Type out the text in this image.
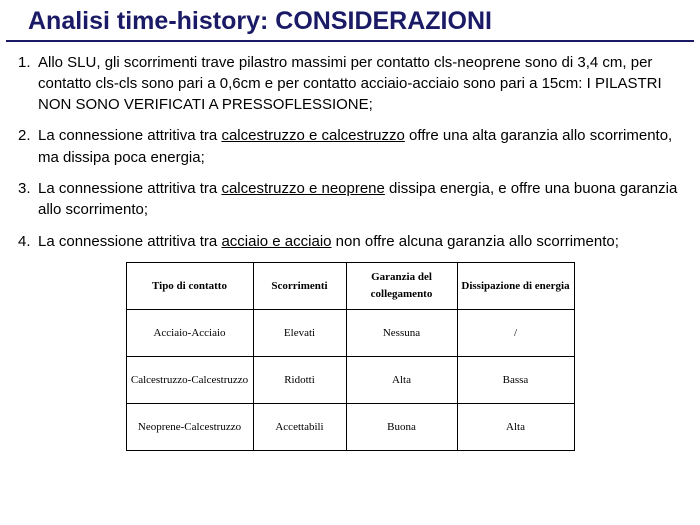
Analisi time-history: CONSIDERAZIONI
1. Allo SLU, gli scorrimenti trave pilastro massimi per contatto cls-neoprene sono di 3,4 cm, per contatto cls-cls sono pari a 0,6cm e per contatto acciaio-acciaio sono pari a 15cm: I PILASTRI NON SONO VERIFICATI A PRESSOFLESSIONE;
2. La connessione attritiva tra calcestruzzo e calcestruzzo offre una alta garanzia allo scorrimento, ma dissipa poca energia;
3. La connessione attritiva tra calcestruzzo e neoprene dissipa energia, e offre una buona garanzia allo scorrimento;
4. La connessione attritiva tra acciaio e acciaio non offre alcuna garanzia allo scorrimento;
Tipo di contatto	Scorrimenti	Garanzia del collegamento	Dissipazione di energia
Acciaio-Acciaio	Elevati	Nessuna	/
Calcestruzzo-Calcestruzzo	Ridotti	Alta	Bassa
Neoprene-Calcestruzzo	Accettabili	Buona	Alta
